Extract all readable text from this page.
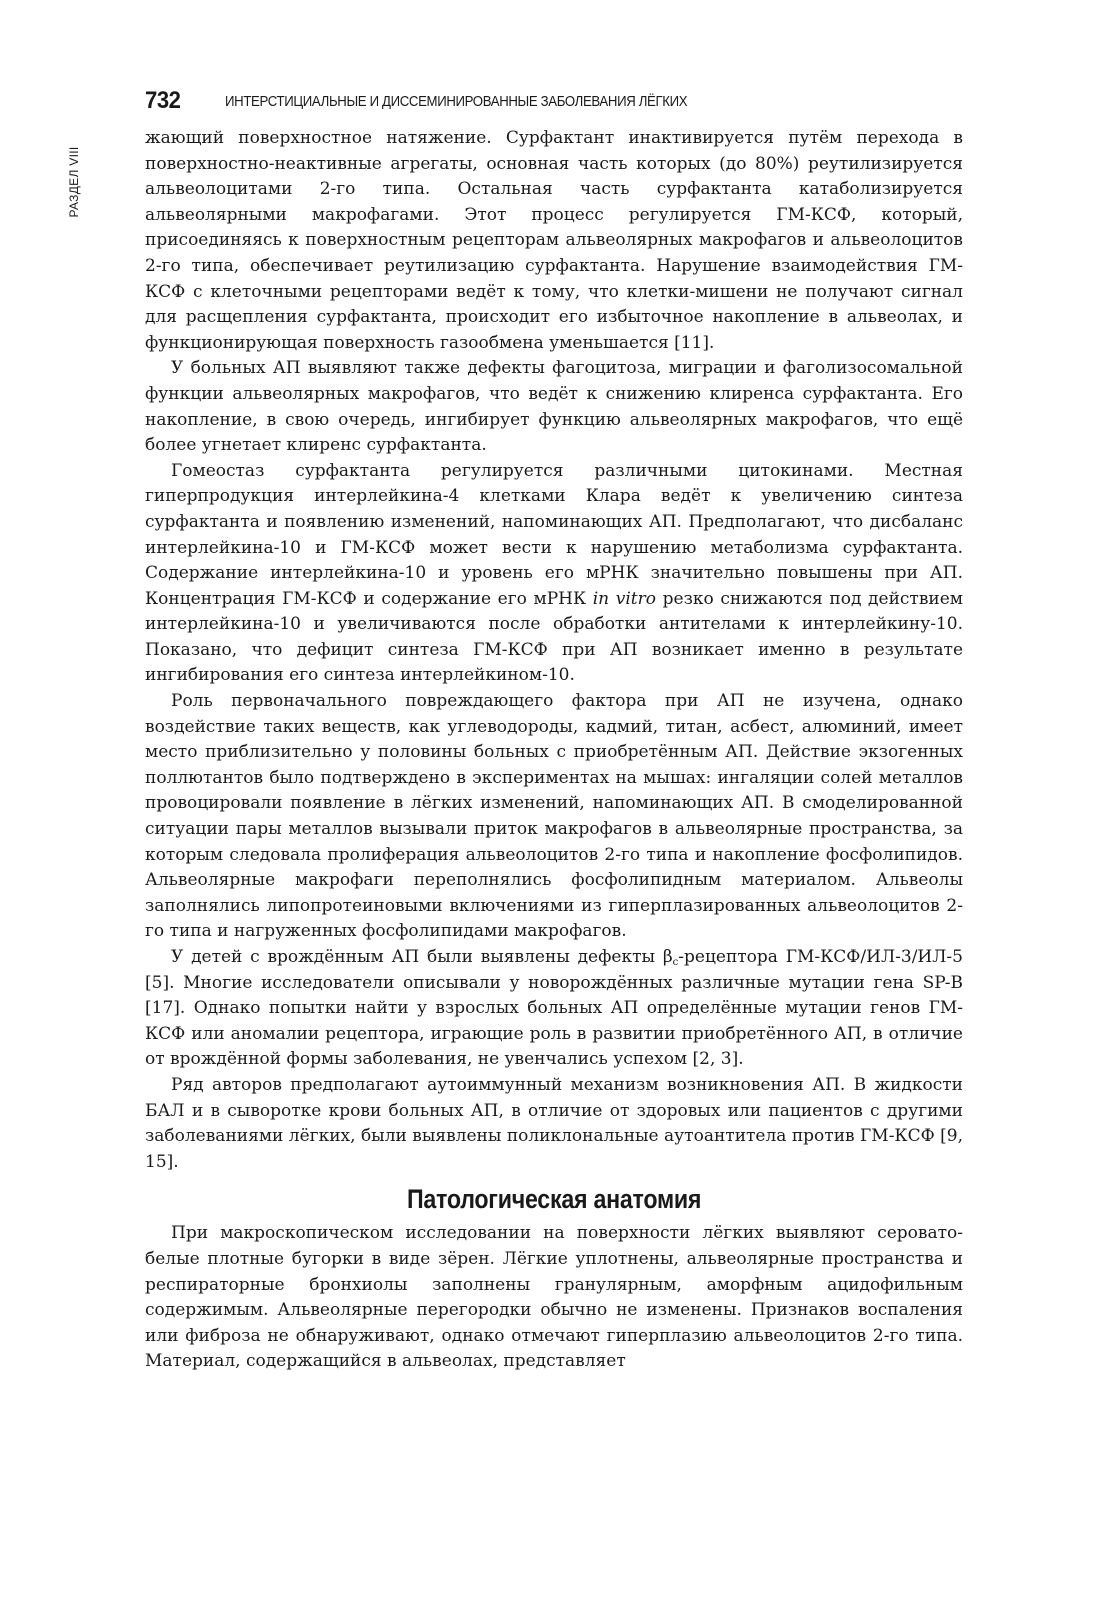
732	ИНТЕРСТИЦИАЛЬНЫЕ И ДИССЕМИНИРОВАННЫЕ ЗАБОЛЕВАНИЯ ЛЁГКИХ
РАЗДЕЛ VIII

жающий поверхностное натяжение. Сурфактант инактивируется путём перехода в поверхностно-неактивные агрегаты, основная часть которых (до 80%) реутилизируется альвеолоцитами 2-го типа. Остальная часть сурфактанта катаболизируется альвеолярными макрофагами. Этот процесс регулируется ГМ-КСФ, который, присоединяясь к поверхностным рецепторам альвеолярных макрофагов и альвеолоцитов 2-го типа, обеспечивает реутилизацию сурфактанта. Нарушение взаимодействия ГМ-КСФ с клеточными рецепторами ведёт к тому, что клетки-мишени не получают сигнал для расщепления сурфактанта, происходит его избыточное накопление в альвеолах, и функционирующая поверхность газообмена уменьшается [11].

У больных АП выявляют также дефекты фагоцитоза, миграции и фаголизосомальной функции альвеолярных макрофагов, что ведёт к снижению клиренса сурфактанта. Его накопление, в свою очередь, ингибирует функцию альвеолярных макрофагов, что ещё более угнетает клиренс сурфактанта.

Гомеостаз сурфактанта регулируется различными цитокинами. Местная гиперпродукция интерлейкина-4 клетками Клара ведёт к увеличению синтеза сурфактанта и появлению изменений, напоминающих АП. Предполагают, что дисбаланс интерлейкина-10 и ГМ-КСФ может вести к нарушению метаболизма сурфактанта. Содержание интерлейкина-10 и уровень его мРНК значительно повышены при АП. Концентрация ГМ-КСФ и содержание его мРНК in vitro резко снижаются под действием интерлейкина-10 и увеличиваются после обработки антителами к интерлейкину-10. Показано, что дефицит синтеза ГМ-КСФ при АП возникает именно в результате ингибирования его синтеза интерлейкином-10.

Роль первоначального повреждающего фактора при АП не изучена, однако воздействие таких веществ, как углеводороды, кадмий, титан, асбест, алюминий, имеет место приблизительно у половины больных с приобретённым АП. Действие экзогенных поллютантов было подтверждено в экспериментах на мышах: ингаляции солей металлов провоцировали появление в лёгких изменений, напоминающих АП. В смоделированной ситуации пары металлов вызывали приток макрофагов в альвеолярные пространства, за которым следовала пролиферация альвеолоцитов 2-го типа и накопление фосфолипидов. Альвеолярные макрофаги переполнялись фосфолипидным материалом. Альвеолы заполнялись липопротеиновыми включениями из гиперплазированных альвеолоцитов 2-го типа и нагруженных фосфолипидами макрофагов.

У детей с врождённым АП были выявлены дефекты $\beta_c$-рецептора ГМ-КСФ/ИЛ-3/ИЛ-5 [5]. Многие исследователи описывали у новорождённых различные мутации гена SP-B [17]. Однако попытки найти у взрослых больных АП определённые мутации генов ГМ-КСФ или аномалии рецептора, играющие роль в развитии приобретённого АП, в отличие от врождённой формы заболевания, не увенчались успехом [2, 3].

Ряд авторов предполагают аутоиммунный механизм возникновения АП. В жидкости БАЛ и в сыворотке крови больных АП, в отличие от здоровых или пациентов с другими заболеваниями лёгких, были выявлены поликлональные аутоантитела против ГМ-КСФ [9, 15].

Патологическая анатомия

При макроскопическом исследовании на поверхности лёгких выявляют серовато-белые плотные бугорки в виде зёрен. Лёгкие уплотнены, альвеолярные пространства и респираторные бронхиолы заполнены гранулярным, аморфным ацидофильным содержимым. Альвеолярные перегородки обычно не изменены. Признаков воспаления или фиброза не обнаруживают, однако отмечают гиперплазию альвеолоцитов 2-го типа. Материал, содержащийся в альвеолах, представляет
